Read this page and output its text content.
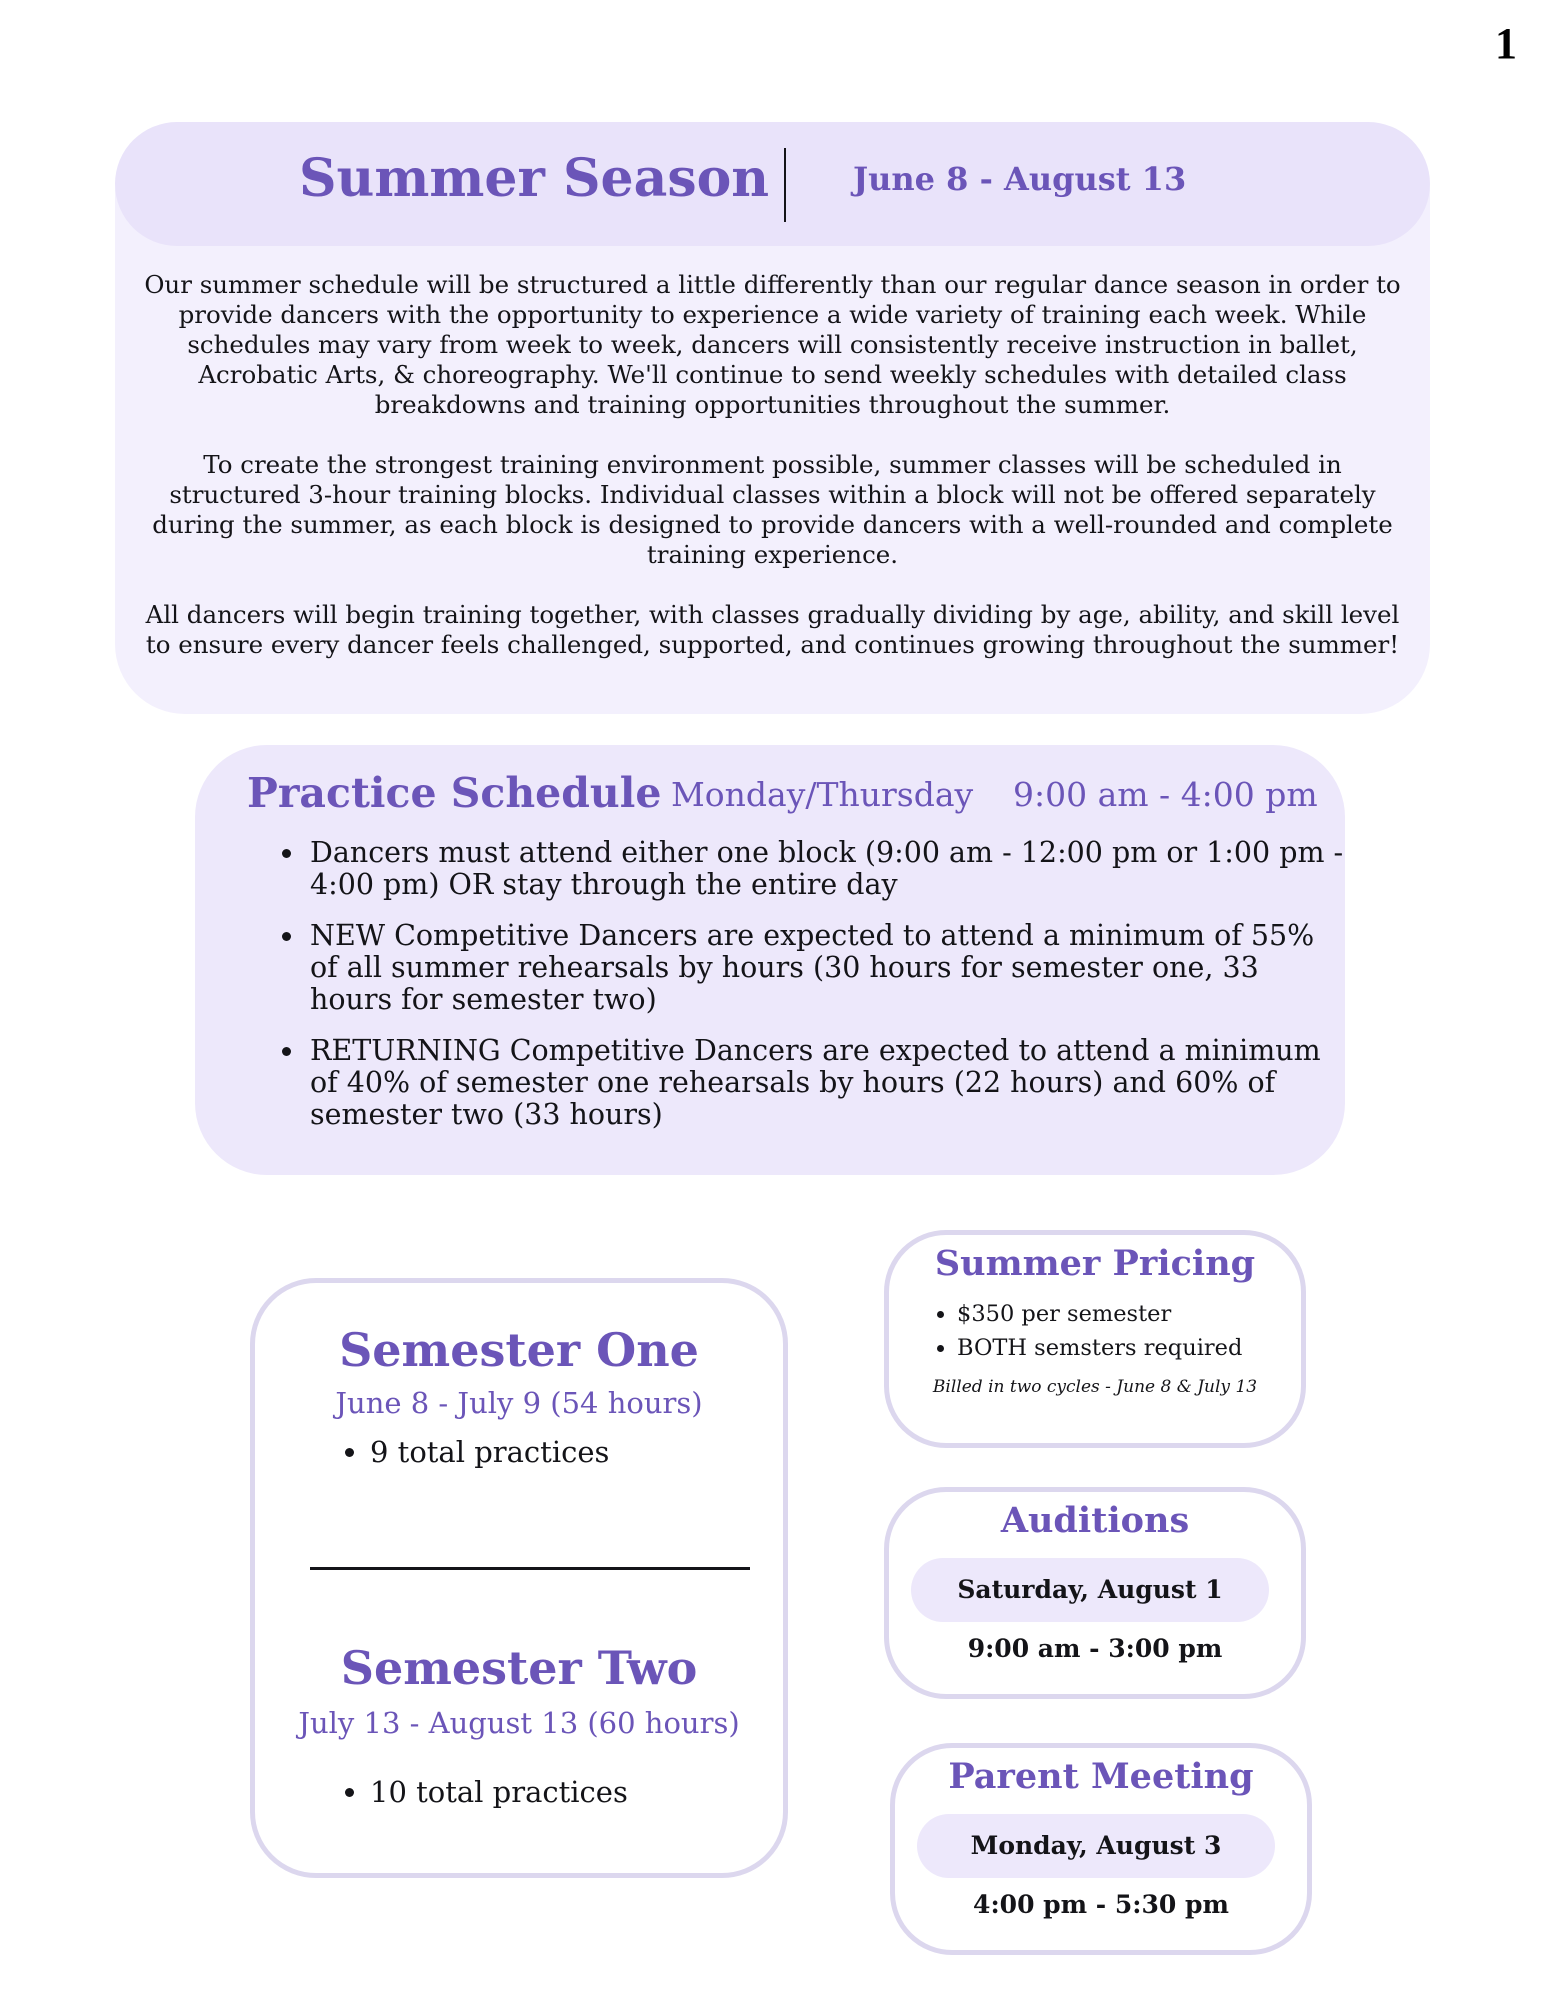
1
Summer Season	June 8 - August 13

Our summer schedule will be structured a little differently than our regular dance season in order to provide dancers with the opportunity to experience a wide variety of training each week. While schedules may vary from week to week, dancers will consistently receive instruction in ballet, Acrobatic Arts, & choreography. We'll continue to send weekly schedules with detailed class breakdowns and training opportunities throughout the summer.

To create the strongest training environment possible, summer classes will be scheduled in structured 3-hour training blocks. Individual classes within a block will not be offered separately during the summer, as each block is designed to provide dancers with a well-rounded and complete training experience.

All dancers will begin training together, with classes gradually dividing by age, ability, and skill level to ensure every dancer feels challenged, supported, and continues growing throughout the summer!

Practice Schedule Monday/Thursday 9:00 am - 4:00 pm
• Dancers must attend either one block (9:00 am - 12:00 pm or 1:00 pm - 4:00 pm) OR stay through the entire day
• NEW Competitive Dancers are expected to attend a minimum of 55% of all summer rehearsals by hours (30 hours for semester one, 33 hours for semester two)
• RETURNING Competitive Dancers are expected to attend a minimum of 40% of semester one rehearsals by hours (22 hours) and 60% of semester two (33 hours)
Semester One
June 8 - July 9 (54 hours)
• 9 total practices
Semester Two
July 13 - August 13 (60 hours)
• 10 total practices
Summer Pricing
• $350 per semester
• BOTH semsters required
Billed in two cycles - June 8 & July 13
Auditions
Saturday, August 1
9:00 am - 3:00 pm
Parent Meeting
Monday, August 3
4:00 pm - 5:30 pm
